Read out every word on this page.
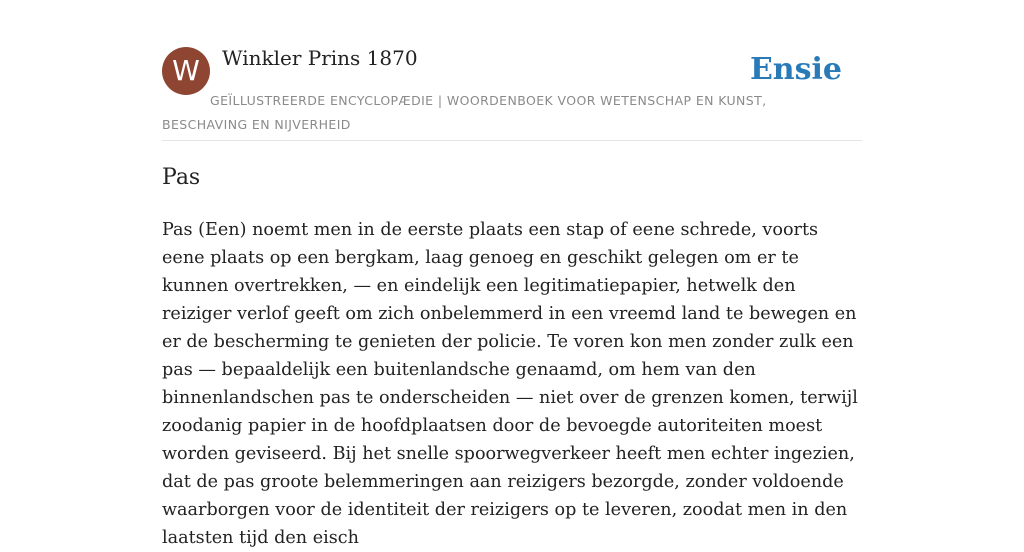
W	Winkler Prins 1870	Ensie
GEÏLLUSTREERDE ENCYCLOPÆDIE | WOORDENBOEK VOOR WETENSCHAP EN KUNST, BESCHAVING EN NIJVERHEID
Pas

Pas (Een) noemt men in de eerste plaats een stap of eene schrede, voorts eene plaats op een bergkam, laag genoeg en geschikt gelegen om er te kunnen overtrekken, — en eindelijk een legitimatiepapier, hetwelk den reiziger verlof geeft om zich onbelemmerd in een vreemd land te bewegen en er de bescherming te genieten der policie. Te voren kon men zonder zulk een pas — bepaaldelijk een buitenlandsche genaamd, om hem van den binnenlandschen pas te onderscheiden — niet over de grenzen komen, terwijl zoodanig papier in de hoofdplaatsen door de bevoegde autoriteiten moest worden geviseerd. Bij het snelle spoorwegverkeer heeft men echter ingezien, dat de pas groote belemmeringen aan reizigers bezorgde, zonder voldoende waarborgen voor de identiteit der reizigers op te leveren, zoodat men in den laatsten tijd den eisch
